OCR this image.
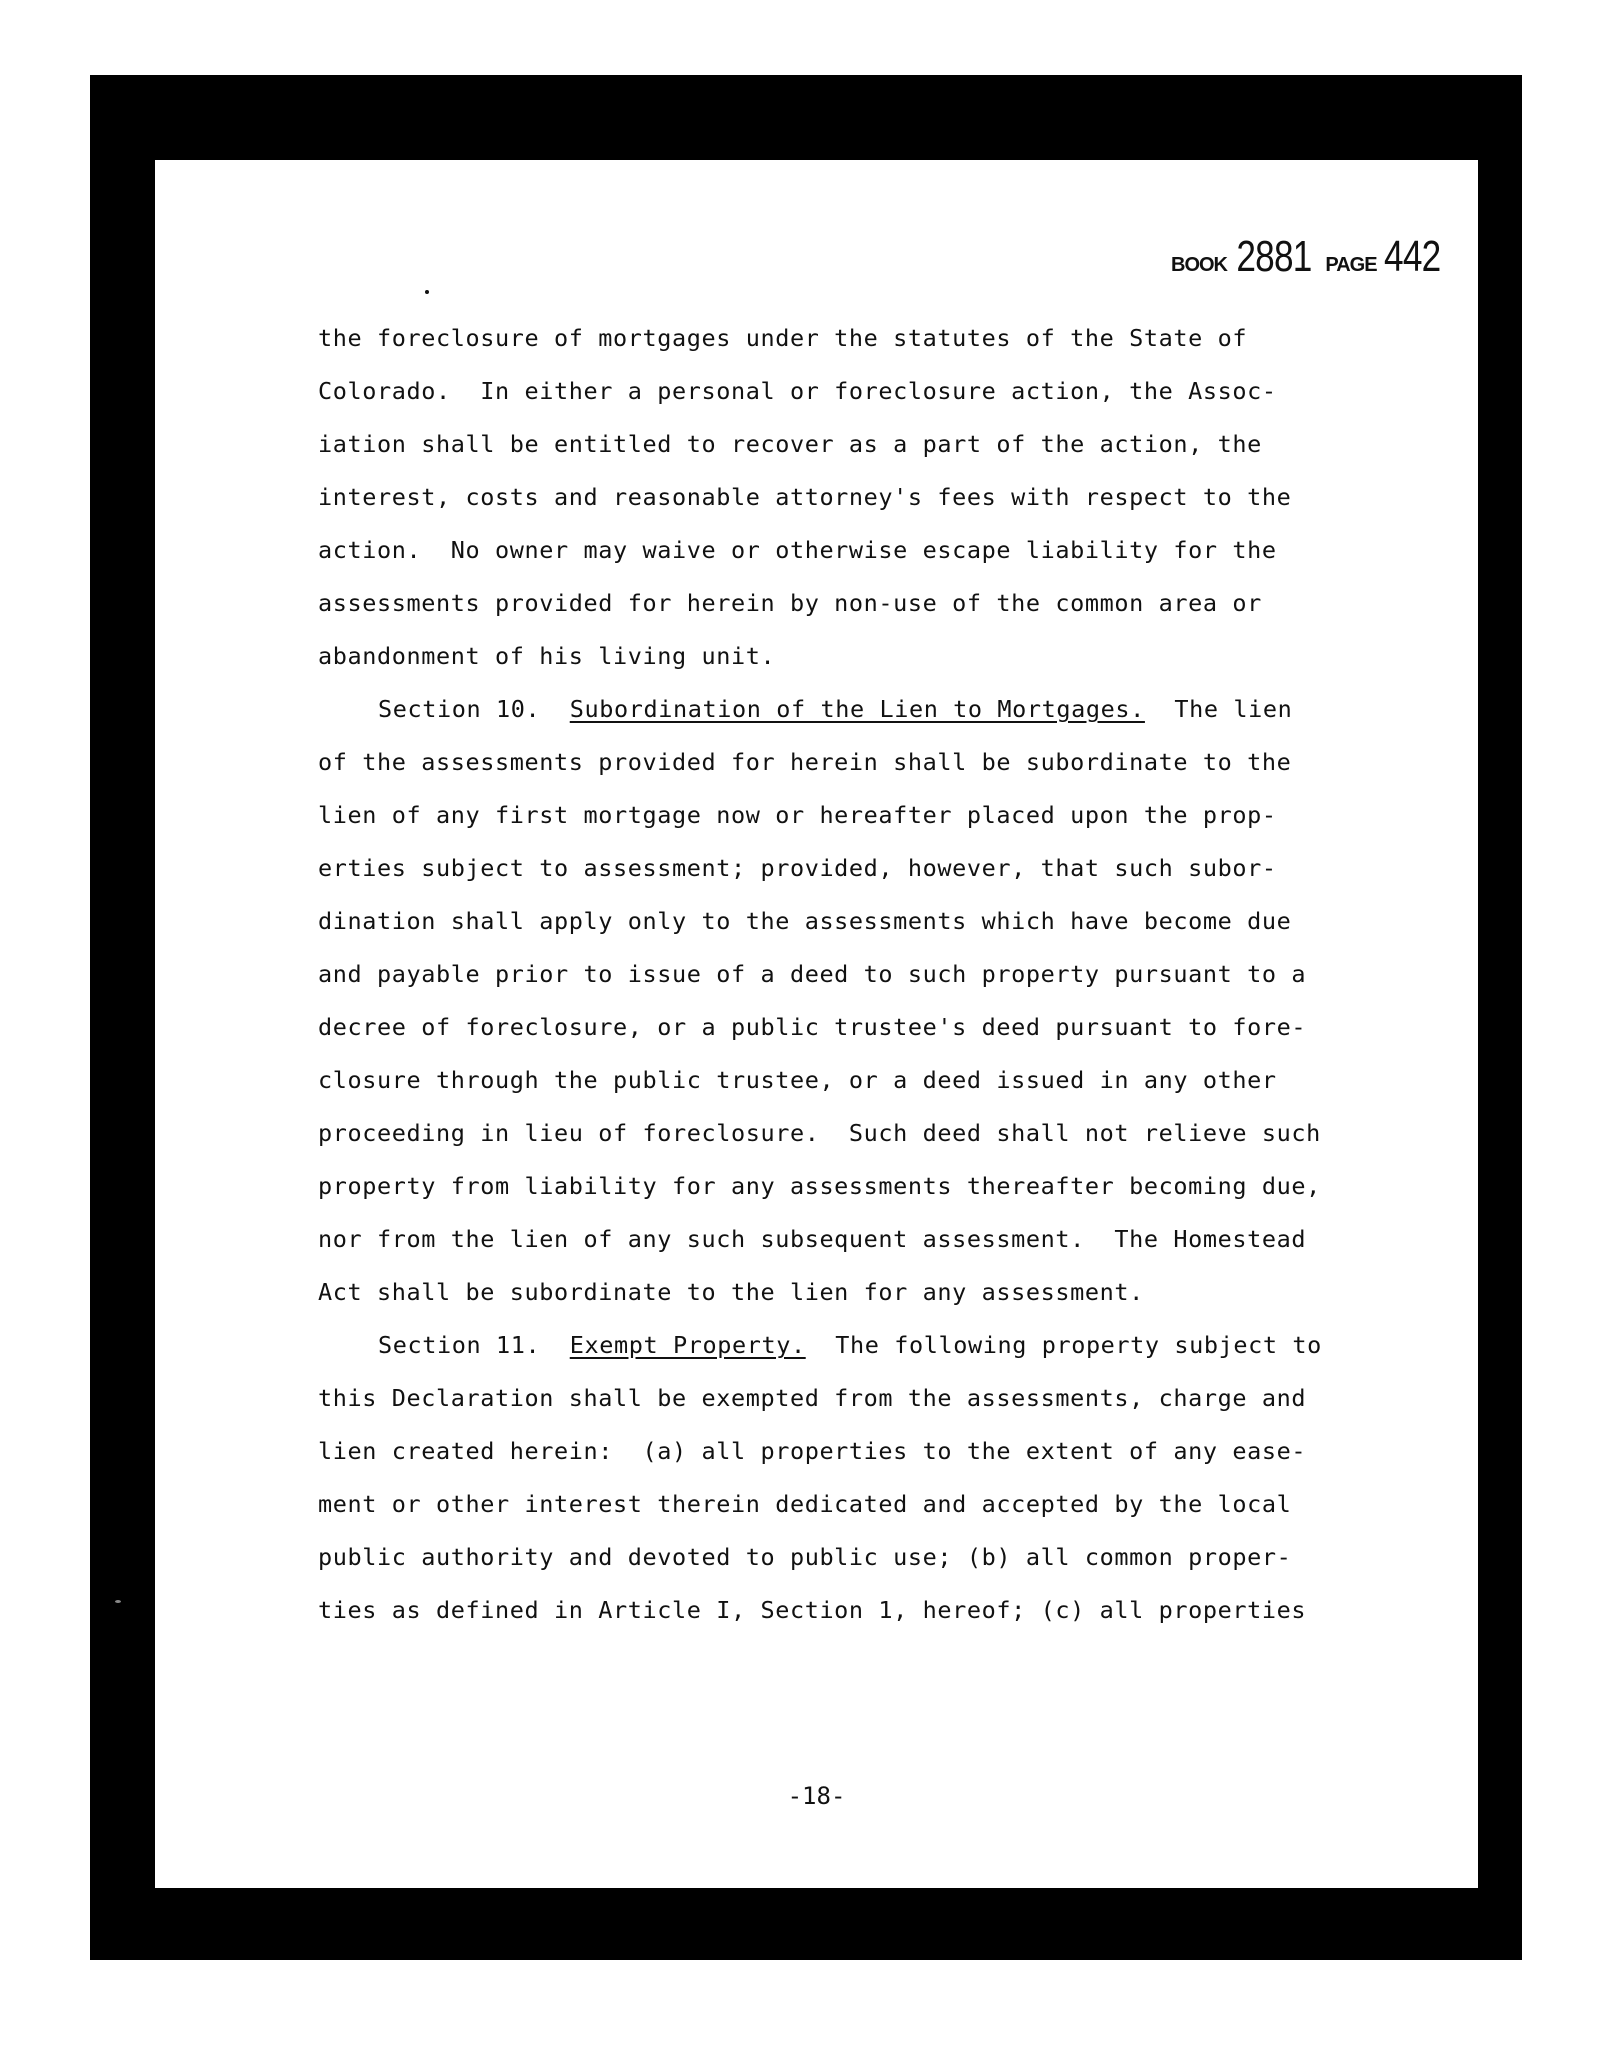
BOOK 2881 PAGE 442
the foreclosure of mortgages under the statutes of the State of
Colorado.  In either a personal or foreclosure action, the Assoc-
iation shall be entitled to recover as a part of the action, the
interest, costs and reasonable attorney's fees with respect to the
action.  No owner may waive or otherwise escape liability for the
assessments provided for herein by non-use of the common area or
abandonment of his living unit.
Section 10. Subordination of the Lien to Mortgages. The lien
of the assessments provided for herein shall be subordinate to the
lien of any first mortgage now or hereafter placed upon the prop-
erties subject to assessment; provided, however, that such subor-
dination shall apply only to the assessments which have become due
and payable prior to issue of a deed to such property pursuant to a
decree of foreclosure, or a public trustee's deed pursuant to fore-
closure through the public trustee, or a deed issued in any other
proceeding in lieu of foreclosure.  Such deed shall not relieve such
property from liability for any assessments thereafter becoming due,
nor from the lien of any such subsequent assessment.  The Homestead
Act shall be subordinate to the lien for any assessment.
Section 11. Exempt Property. The following property subject to
this Declaration shall be exempted from the assessments, charge and
lien created herein:  (a) all properties to the extent of any ease-
ment or other interest therein dedicated and accepted by the local
public authority and devoted to public use; (b) all common proper-
ties as defined in Article I, Section 1, hereof; (c) all properties
-18-
